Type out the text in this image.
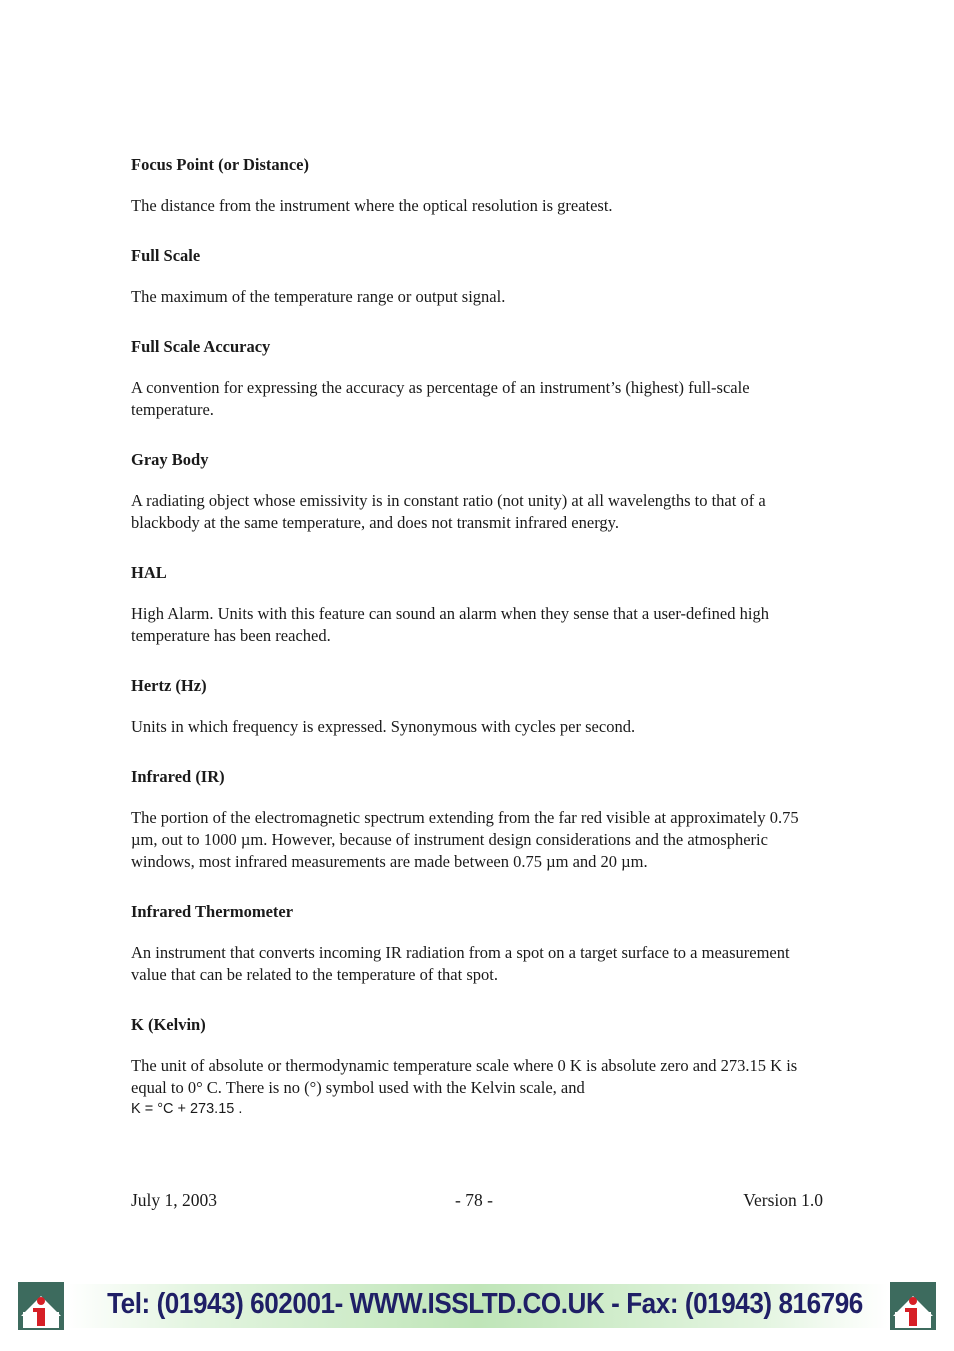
Focus Point (or Distance)

The distance from the instrument where the optical resolution is greatest.

Full Scale

The maximum of the temperature range or output signal.

Full Scale Accuracy

A convention for expressing the accuracy as percentage of an instrument’s (highest) full-scale temperature.

Gray Body

A radiating object whose emissivity is in constant ratio (not unity) at all wavelengths to that of a blackbody at the same temperature, and does not transmit infrared energy.

HAL

High Alarm. Units with this feature can sound an alarm when they sense that a user-defined high temperature has been reached.

Hertz (Hz)

Units in which frequency is expressed. Synonymous with cycles per second.

Infrared (IR)

The portion of the electromagnetic spectrum extending from the far red visible at approximately 0.75 µm, out to 1000 µm. However, because of instrument design considerations and the atmospheric windows, most infrared measurements are made between 0.75 µm and 20 µm.

Infrared Thermometer

An instrument that converts incoming IR radiation from a spot on a target surface to a measurement value that can be related to the temperature of that spot.

K (Kelvin)

The unit of absolute or thermodynamic temperature scale where 0 K is absolute zero and 273.15 K is equal to 0° C. There is no (°) symbol used with the Kelvin scale, and

K = °C + 273.15 .
July 1, 2003	- 78 -	Version 1.0
Tel: (01943) 602001- WWW.ISSLTD.CO.UK - Fax: (01943) 816796
